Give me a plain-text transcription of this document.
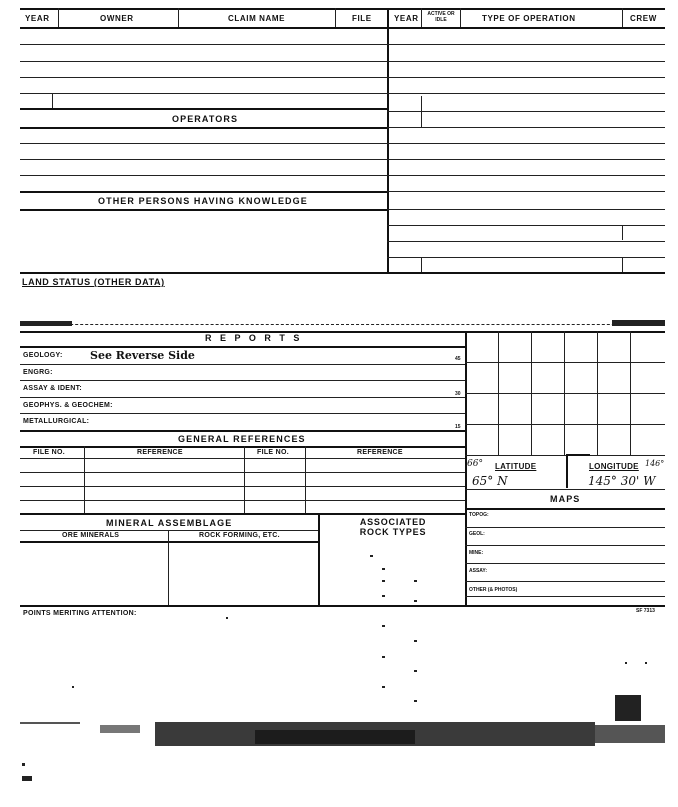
YEAR	OWNER	CLAIM NAME	FILE	YEAR	ACTIVE OR IDLE	TYPE OF OPERATION	CREW
OPERATORS
OTHER PERSONS HAVING KNOWLEDGE
LAND STATUS (OTHER DATA)
R E P O R T S
GEOLOGY: See Reverse Side	45
ENGRG:
ASSAY & IDENT:
30
GEOPHYS. & GEOCHEM:
METALLURGICAL:
15
GENERAL REFERENCES
FILE NO.	REFERENCE	FILE NO.	REFERENCE
MINERAL ASSEMBLAGE
ORE MINERALS	ROCK FORMING, ETC.
ASSOCIATED ROCK TYPES
66° LATITUDE	LONGITUDE 146°
65° N	145° 30' W
MAPS
TOPOG:
GEOL:
MINE:
ASSAY:
OTHER (& PHOTOS)
POINTS MERITING ATTENTION:	SF 7313
